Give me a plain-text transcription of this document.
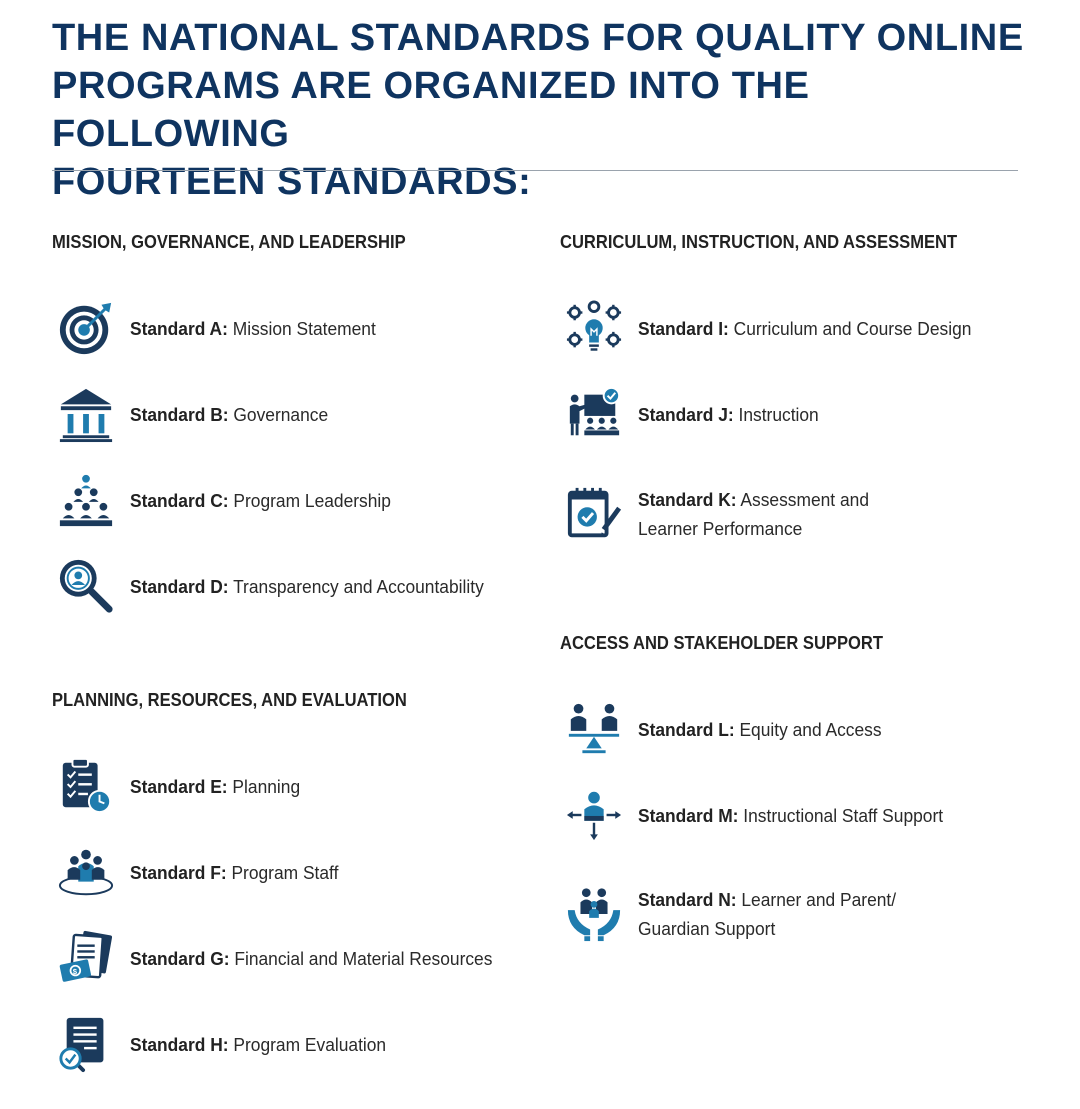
THE NATIONAL STANDARDS FOR QUALITY ONLINE
PROGRAMS ARE ORGANIZED INTO THE FOLLOWING
FOURTEEN STANDARDS:
MISSION, GOVERNANCE, AND LEADERSHIP
Standard A: Mission Statement
Standard B: Governance
Standard C: Program Leadership
Standard D: Transparency and Accountability
PLANNING, RESOURCES, AND EVALUATION
Standard E: Planning
Standard F: Program Staff
$
Standard G: Financial and Material Resources
Standard H: Program Evaluation
CURRICULUM, INSTRUCTION, AND ASSESSMENT
Standard I: Curriculum and Course Design
Standard J: Instruction
Standard K: Assessment and
Learner Performance
ACCESS AND STAKEHOLDER SUPPORT
Standard L: Equity and Access
Standard M: Instructional Staff Support
Standard N: Learner and Parent/
Guardian Support
